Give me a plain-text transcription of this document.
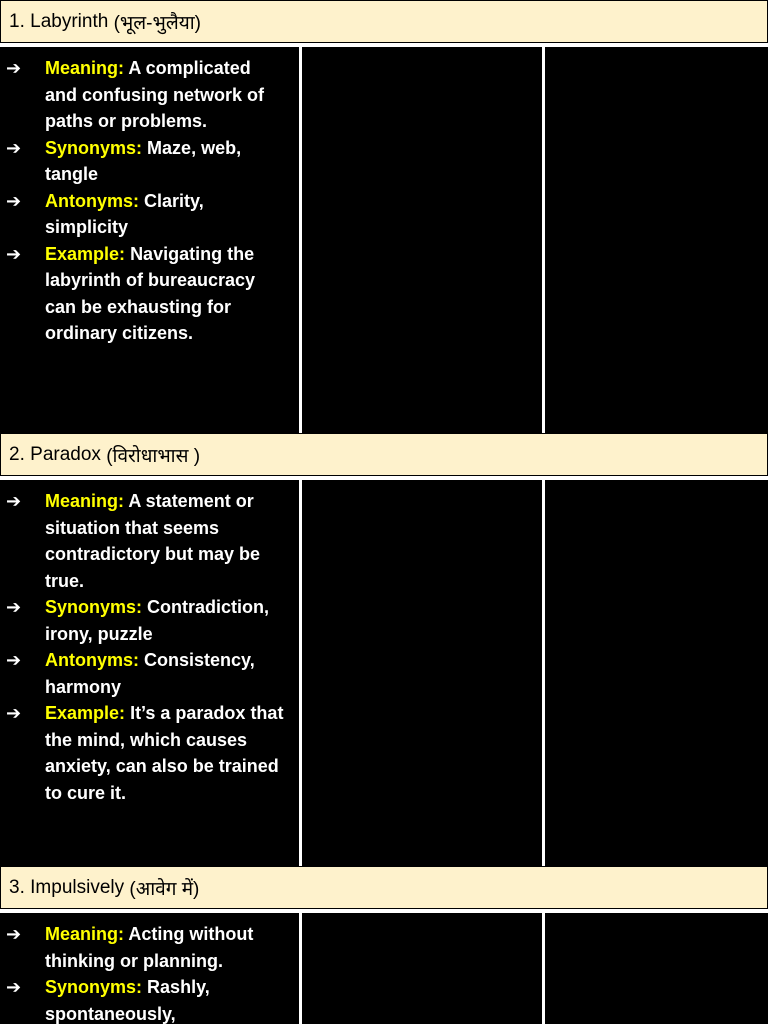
1.
Labyrinth
(भूल-भुलैया)
➔	Meaning: A complicated and confusing network of paths or problems.
➔	Synonyms: Maze, web, tangle
➔	Antonyms: Clarity, simplicity
➔	Example: Navigating the labyrinth of bureaucracy can be exhausting for ordinary citizens.
2.
Paradox
(विरोधाभास )
➔	Meaning: A statement or situation that seems contradictory but may be true.
➔	Synonyms: Contradiction, irony, puzzle
➔	Antonyms: Consistency, harmony
➔	Example: It’s a paradox that the mind, which causes anxiety, can also be trained to cure it.
3.
Impulsively
(आवेग में)
➔	Meaning: Acting without thinking or planning.
➔	Synonyms: Rashly, spontaneously,
